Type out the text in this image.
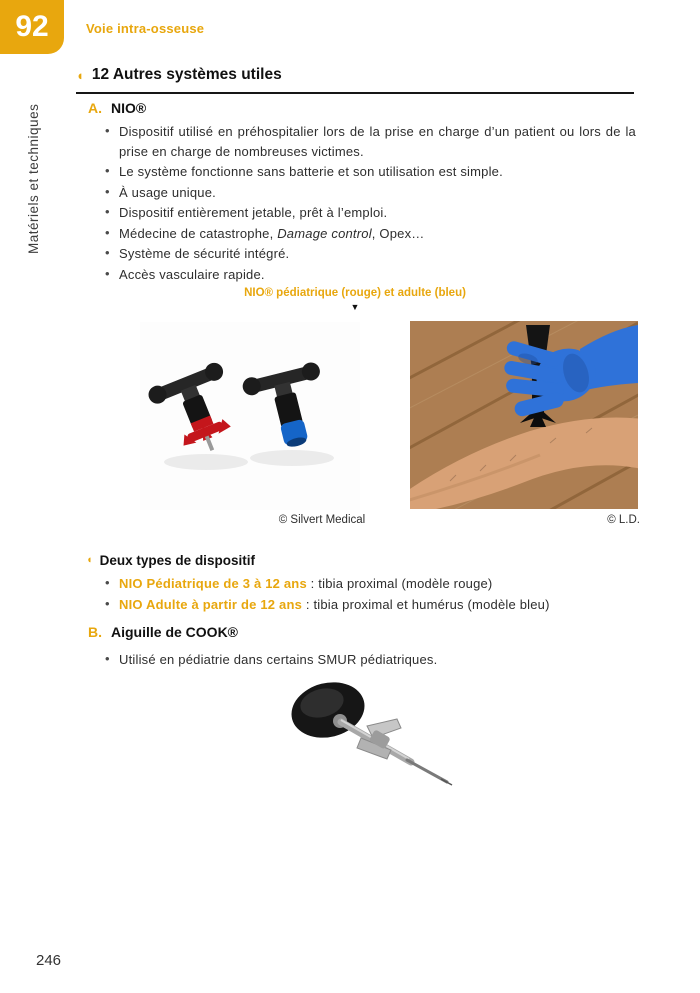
92	Voie intra-osseuse
Matériels et techniques
◖ 12 Autres systèmes utiles
A. NIO®
• Dispositif utilisé en préhospitalier lors de la prise en charge d’un patient ou lors de la prise en charge de nombreuses victimes.
• Le système fonctionne sans batterie et son utilisation est simple.
• À usage unique.
• Dispositif entièrement jetable, prêt à l’emploi.
• Médecine de catastrophe, Damage control, Opex…
• Système de sécurité intégré.
• Accès vasculaire rapide.
NIO® pédiatrique (rouge) et adulte (bleu)
▼
© Silvert Medical	© L.D.
◖ Deux types de dispositif
• NIO Pédiatrique de 3 à 12 ans : tibia proximal (modèle rouge)
• NIO Adulte à partir de 12 ans : tibia proximal et humérus (modèle bleu)
B. Aiguille de COOK®
• Utilisé en pédiatrie dans certains SMUR pédiatriques.
246
